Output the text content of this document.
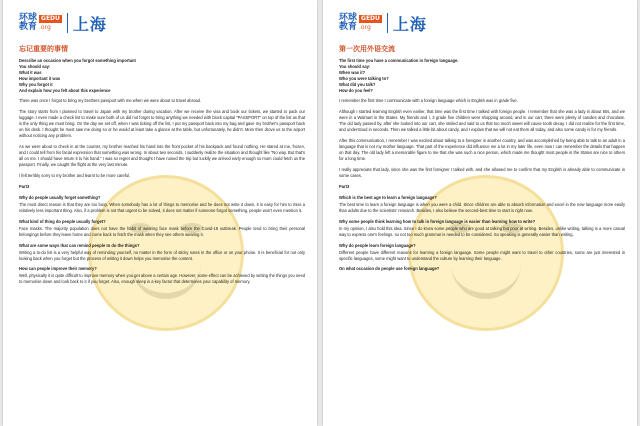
环球 GEDU
教育 .org 上海
忘记重要的事情
Describe an occasion when you forgot something important
You should say:
What it was
How important it was
Why you forgot it
And explain how you felt about this experience

There was once I forgot to bring my brothers passport with me when we were about to travel abroad.

The story starts from I planned to travel to Japan with my brother during vacation. After we receive the visa and book our tickets, we started to pack our luggage. I even made a check list to make sure both of us did not forget to bring anything we needed with block capital "PASSPORT" on top of the list as that is the only thing we must bring. On the day we set off, when I was ticking off the list, I put my passport back into my bag and gave my brother's passport back on his desk. I thought he must saw me doing so or he would at least take a glance at the table, but unfortunately, he didn't. Mom then drove us to the airport without noticing any problem.

As we were about to check in at the counter, my brother reached his hand into the front pocket of his backpack and found nothing. He stared at me, frozen, and I could tell from his facial expression that something was wrong. In about two seconds, I suddenly realize the situation and thought like "No way. But that's all on me. I should have return it to his hand." I was so regret and thought I have ruined the trip but luckily we arrived early enough so mom could fetch us the passport. Finally, we caught the flight at the very last minute.

I felt terribly sorry to my brother and learnt to be more careful.

Part3
Why do people usually forget something?

The most direct reason is that they are too busy. When somebody has a lot of things to memorise and he does not write it down, it is easy for him to miss a relatively less important thing. Also, if a problem is not that urgent to be solved, it does not matter if someone forgot something, people won't even mention it.

What kind of thing do people usually forget?

Face masks. The majority population does not have the habit of wearing face mask before the Covid-19 outbreak. People tend to bring their personal belongings before they leave home and come back to fetch the mask when they see others wearing it.

What are some ways that can remind people to do the things?

Writing a to-do list is a very helpful way of reminding yourself, no matter in the form of sticky notes in the office or on your phone. It is beneficial for not only looking back when you forget but the process of writing it down helps you memorise the content.

How can people improve their memory?

Well, physically it is quite difficult to improve memory when you get above a certain age. However, some effect can be achieved by writing the things you need to memorise down and look back to it if you forget. Also, enough sleep is a key factor that determines your capability of memory.

环球 GEDU
教育 .org 上海
第一次用外语交流
The first time you have a communication in foreign language.
You should say:
When was it?
Who you were talking to?
What did you talk?
How do you feel?

I remember the first time I communicate with a foreign language which is English was in grade five.

Although I started learning English even earlier, that time was the first time I talked with foreign people. I remember that she was a lady in about 60s, and we were in a Walmart in the States. My friends and I, 3 grade five children were shopping around, and in our cart, there were plenty of candies and chocolate. The old lady passed by, after she looked into our cart, she smiled and said to us that too much sweet will cause tooth decay. I did not realize for the first time, and understood in seconds. Then we talked a little bit about candy, and I explain that we will not eat them all today, and also some candy is for my friends.

After this communication, I remember I was excited about talking to a foreigner in another country, and was accomplished by being able to talk to an adult in a language that is not my mother language. That part of the experience did influence me a lot in my later life, even now I can remember the details that happen on that day. The old lady left a memorable figure to me that she was such a nice person, which made me thought most people in the States are nice to others for a long time.

I really appreciate that lady, since she was the first foreigner I talked with, and she allowed me to confirm that my English is already able to communicate in some cases.

Part3
Which is the best age to learn a foreign language?

The best time to learn a foreign language is when you were a child. Since children are able to absorb information and excel in the new language more easily than adults due to the scientists' research. Besides, I also believe the second-best time to start is right now.

Why some people think learning how to talk in foreign language is easier than learning how to write?

In my opinion, I also hold this idea. Since I do know some people who are good at talking but poor at writing. Besides, unlike writing, talking is a more casual way to express one's feelings, so not too much grammar is needed to be considered. So speaking is generally easier than writing.

Why do people learn foreign language?

Different people have different reasons for learning a foreign language. Some people might want to travel to other countries, some are just interested in specific languages, some might want to understand the culture by learning their language.

On what occasion do people use foreign language?
